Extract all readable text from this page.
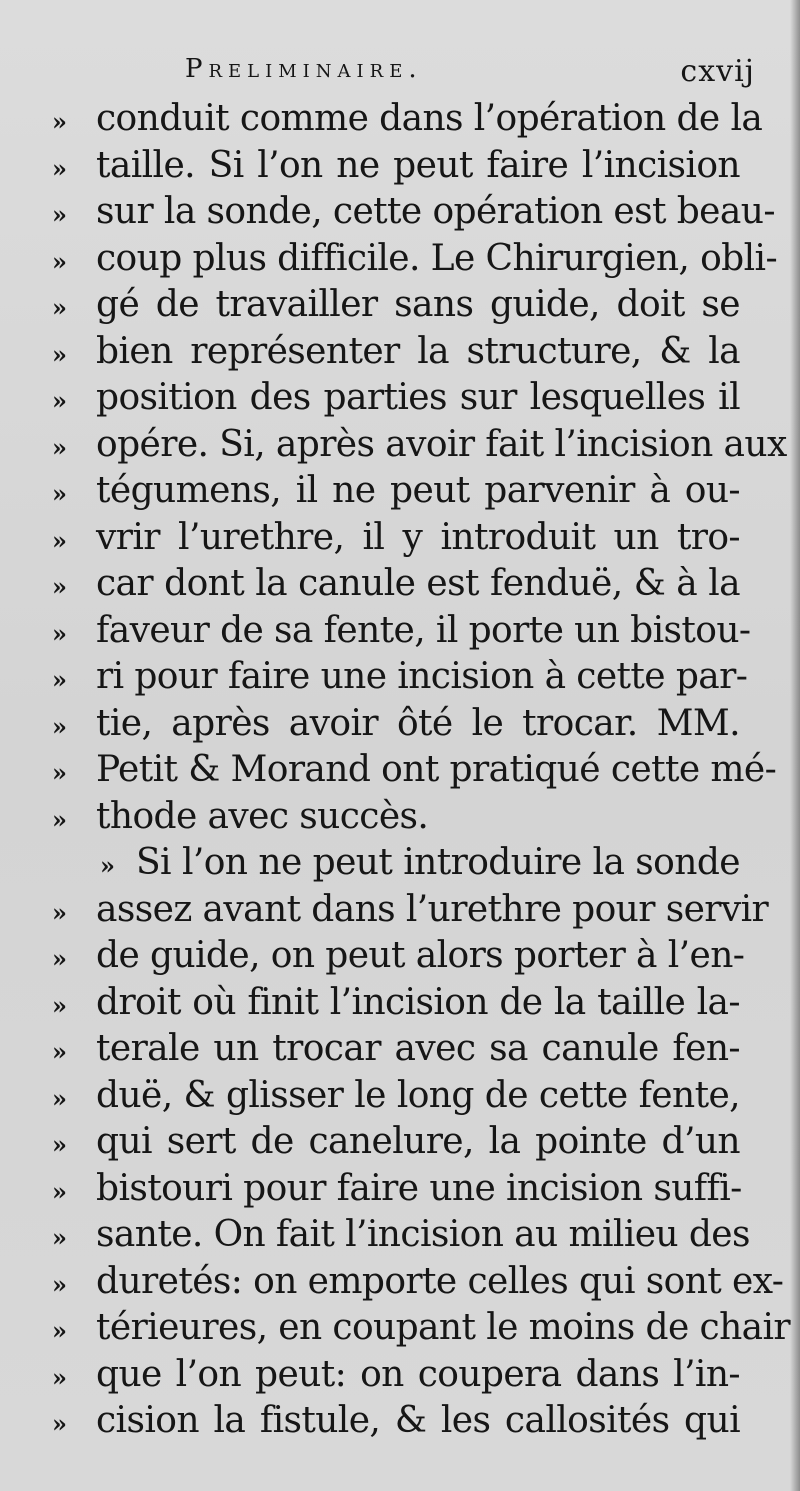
Preliminaire.	cxvij
» conduit comme dans l’opération de la
» taille. Si l’on ne peut faire l’incision
» sur la sonde, cette opération est beau-
» coup plus difficile. Le Chirurgien, obli-
» gé de travailler sans guide, doit se
» bien représenter la structure, & la
» position des parties sur lesquelles il
» opére. Si, après avoir fait l’incision aux
» tégumens, il ne peut parvenir à ou-
» vrir l’urethre, il y introduit un tro-
» car dont la canule est fenduë, & à la
» faveur de sa fente, il porte un bistou-
» ri pour faire une incision à cette par-
» tie, après avoir ôté le trocar. MM.
» Petit & Morand ont pratiqué cette mé-
» thode avec succès.
» Si l’on ne peut introduire la sonde
» assez avant dans l’urethre pour servir
» de guide, on peut alors porter à l’en-
» droit où finit l’incision de la taille la-
» terale un trocar avec sa canule fen-
» duë, & glisser le long de cette fente,
» qui sert de canelure, la pointe d’un
» bistouri pour faire une incision suffi-
» sante. On fait l’incision au milieu des
» duretés: on emporte celles qui sont ex-
» térieures, en coupant le moins de chair
» que l’on peut: on coupera dans l’in-
» cision la fistule, & les callosités qui
